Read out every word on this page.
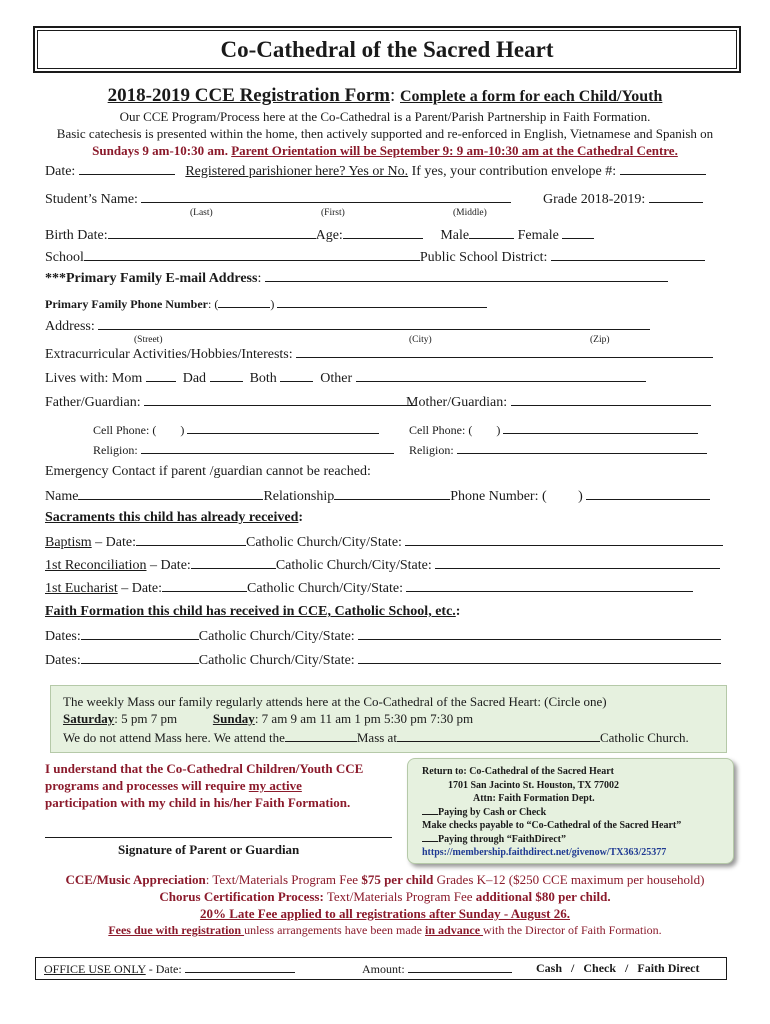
Co-Cathedral of the Sacred Heart
2018-2019 CCE Registration Form: Complete a form for each Child/Youth
Our CCE Program/Process here at the Co-Cathedral is a Parent/Parish Partnership in Faith Formation.
Basic catechesis is presented within the home, then actively supported and re-enforced in English, Vietnamese and Spanish on
Sundays 9 am-10:30 am. Parent Orientation will be September 9: 9 am-10:30 am at the Cathedral Centre.
Date:	Registered parishioner here? Yes or No. If yes, your contribution envelope #:
Student’s Name:	Grade 2018-2019:
(Last)	(First)	(Middle)
Birth Date:	Age:	Male	Female
School	Public School District:
***Primary Family E-mail Address:
Primary Family Phone Number: (	)
Address:
(Street)	(City)	(Zip)
Extracurricular Activities/Hobbies/Interests:
Lives with: Mom	Dad	Both	Other
Father/Guardian:	Mother/Guardian:
Cell Phone: ( )	Cell Phone: ( )
Religion:	Religion:
Emergency Contact if parent /guardian cannot be reached:
Name	Relationship	Phone Number: ( )
Sacraments this child has already received:
Baptism – Date:	Catholic Church/City/State:
1st Reconciliation – Date:	Catholic Church/City/State:
1st Eucharist – Date:	Catholic Church/City/State:
Faith Formation this child has received in CCE, Catholic School, etc.:
Dates:	Catholic Church/City/State:
Dates:	Catholic Church/City/State:
The weekly Mass our family regularly attends here at the Co-Cathedral of the Sacred Heart: (Circle one)
Saturday: 5 pm 7 pm	Sunday: 7 am 9 am 11 am 1 pm 5:30 pm 7:30 pm
We do not attend Mass here. We attend the	Mass at	Catholic Church.
I understand that the Co-Cathedral Children/Youth CCE
programs and processes will require my active
participation with my child in his/her Faith Formation.
Signature of Parent or Guardian
Return to: Co-Cathedral of the Sacred Heart
1701 San Jacinto St. Houston, TX 77002
Attn: Faith Formation Dept.
Paying by Cash or Check
Make checks payable to “Co-Cathedral of the Sacred Heart”
Paying through “FaithDirect”
https://membership.faithdirect.net/givenow/TX363/25377
CCE/Music Appreciation: Text/Materials Program Fee $75 per child Grades K–12 ($250 CCE maximum per household)
Chorus Certification Process: Text/Materials Program Fee additional $80 per child.
20% Late Fee applied to all registrations after Sunday - August 26.
Fees due with registration unless arrangements have been made in advance with the Director of Faith Formation.
OFFICE USE ONLY - Date:	Amount:	Cash / Check / Faith Direct
